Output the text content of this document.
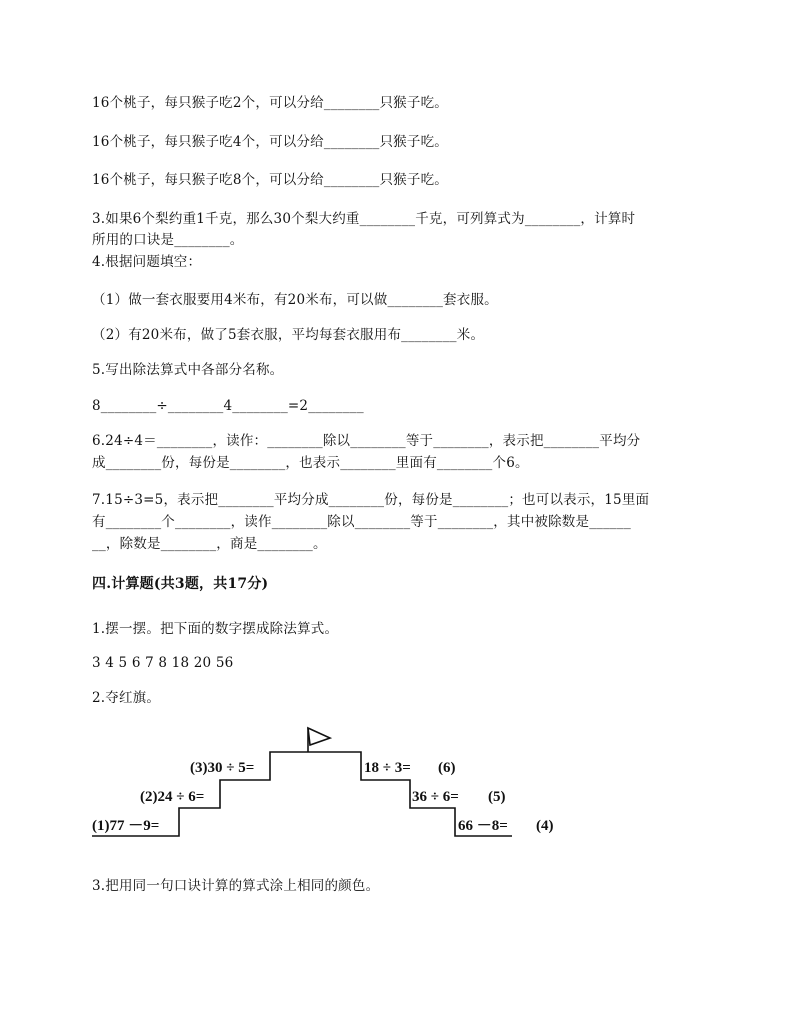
16个桃子，每只猴子吃2个，可以分给________只猴子吃。
16个桃子，每只猴子吃4个，可以分给________只猴子吃。
16个桃子，每只猴子吃8个，可以分给________只猴子吃。
3.如果6个梨约重1千克，那么30个梨大约重________千克，可列算式为________，计算时
所用的口诀是________。
4.根据问题填空：
（1）做一套衣服要用4米布，有20米布，可以做________套衣服。
（2）有20米布，做了5套衣服，平均每套衣服用布________米。
5.写出除法算式中各部分名称。
8________÷________4________=2________
6.24÷4＝________，读作：________除以________等于________，表示把________平均分
成________份，每份是________，也表示________里面有________个6。
7.15÷3=5，表示把________平均分成________份，每份是________；也可以表示，15里面
有________个________，读作________除以________等于________，其中被除数是______
__，除数是________，商是________。
四.计算题(共3题，共17分)
1.摆一摆。把下面的数字摆成除法算式。
3 4 5 6 7 8 18 20 56
2.夺红旗。
(1)77 －9=
(2)24 ÷ 6=
(3)30 ÷ 5=	18 ÷ 3= (6)
36 ÷ 6= (5)
66 －8= (4)
3.把用同一句口诀计算的算式涂上相同的颜色。
